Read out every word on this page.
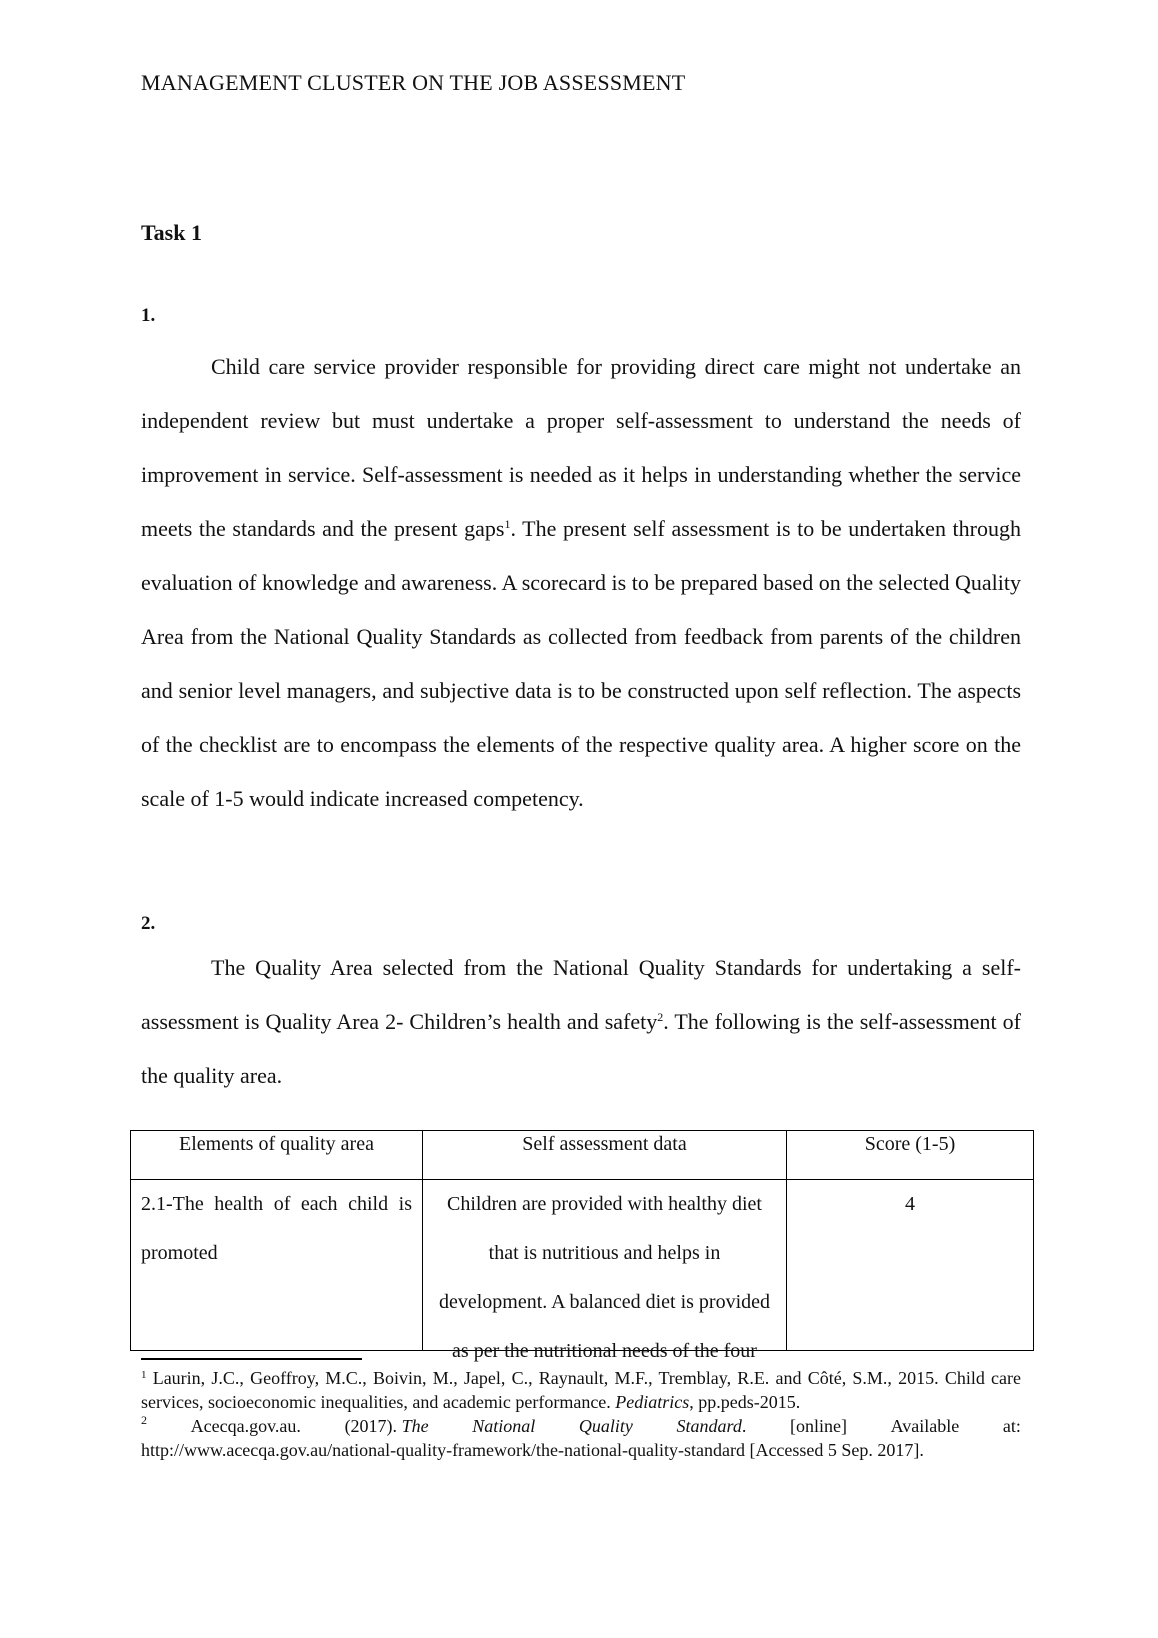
MANAGEMENT CLUSTER ON THE JOB ASSESSMENT
Task 1
1.

Child care service provider responsible for providing direct care might not undertake an independent review but must undertake a proper self-assessment to understand the needs of improvement in service. Self-assessment is needed as it helps in understanding whether the service meets the standards and the present gaps$^1$. The present self assessment is to be undertaken through evaluation of knowledge and awareness. A scorecard is to be prepared based on the selected Quality Area from the National Quality Standards as collected from feedback from parents of the children and senior level managers, and subjective data is to be constructed upon self reflection. The aspects of the checklist are to encompass the elements of the respective quality area. A higher score on the scale of 1-5 would indicate increased competency.

2.

The Quality Area selected from the National Quality Standards for undertaking a self-assessment is Quality Area 2- Children’s health and safety$^2$. The following is the self-assessment of the quality area.

Elements of quality area	Self assessment data	Score (1-5)

2.1-The health of each child is promoted	Children are provided with healthy diet that is nutritious and helps in development. A balanced diet is provided as per the nutritional needs of the four	4

$^1$ Laurin, J.C., Geoffroy, M.C., Boivin, M., Japel, C., Raynault, M.F., Tremblay, R.E. and Côté, S.M., 2015. Child care services, socioeconomic inequalities, and academic performance. Pediatrics, pp.peds-2015.

$^2$ Acecqa.gov.au. (2017). The National Quality Standard. [online] Available at:

http://www.acecqa.gov.au/national-quality-framework/the-national-quality-standard [Accessed 5 Sep. 2017].
